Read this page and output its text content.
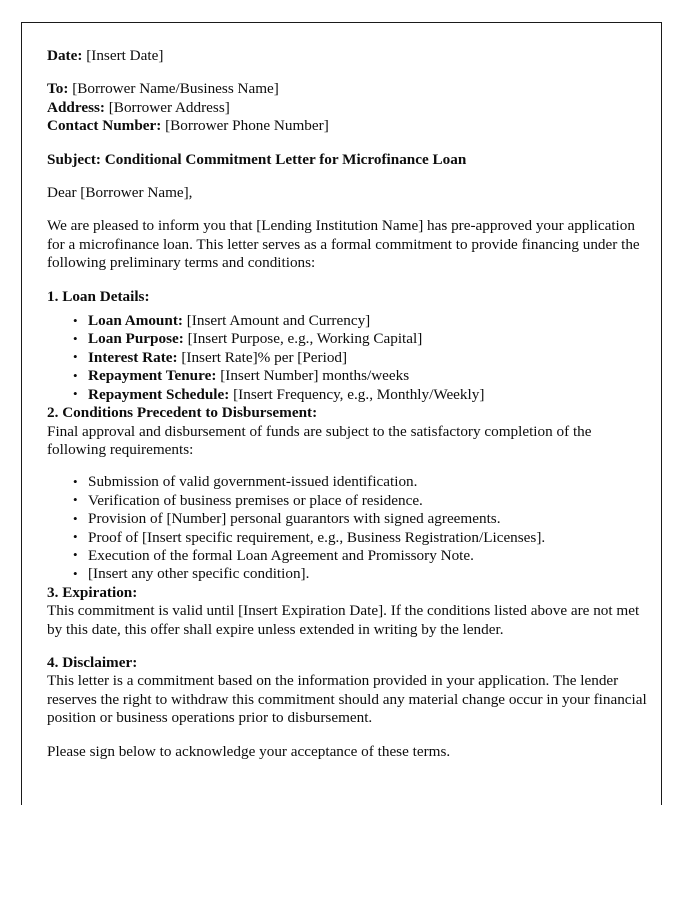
Date: [Insert Date]

To: [Borrower Name/Business Name]

Address: [Borrower Address]

Contact Number: [Borrower Phone Number]

Subject: Conditional Commitment Letter for Microfinance Loan

Dear [Borrower Name],

We are pleased to inform you that [Lending Institution Name] has pre-approved your application for a microfinance loan. This letter serves as a formal commitment to provide financing under the following preliminary terms and conditions:

1. Loan Details:

• Loan Amount: [Insert Amount and Currency]
• Loan Purpose: [Insert Purpose, e.g., Working Capital]
• Interest Rate: [Insert Rate]% per [Period]
• Repayment Tenure: [Insert Number] months/weeks
• Repayment Schedule: [Insert Frequency, e.g., Monthly/Weekly]

2. Conditions Precedent to Disbursement:

Final approval and disbursement of funds are subject to the satisfactory completion of the following requirements:

• Submission of valid government-issued identification.
• Verification of business premises or place of residence.
• Provision of [Number] personal guarantors with signed agreements.
• Proof of [Insert specific requirement, e.g., Business Registration/Licenses].
• Execution of the formal Loan Agreement and Promissory Note.
• [Insert any other specific condition].

3. Expiration:

This commitment is valid until [Insert Expiration Date]. If the conditions listed above are not met by this date, this offer shall expire unless extended in writing by the lender.

4. Disclaimer:

This letter is a commitment based on the information provided in your application. The lender reserves the right to withdraw this commitment should any material change occur in your financial position or business operations prior to disbursement.

Please sign below to acknowledge your acceptance of these terms.
